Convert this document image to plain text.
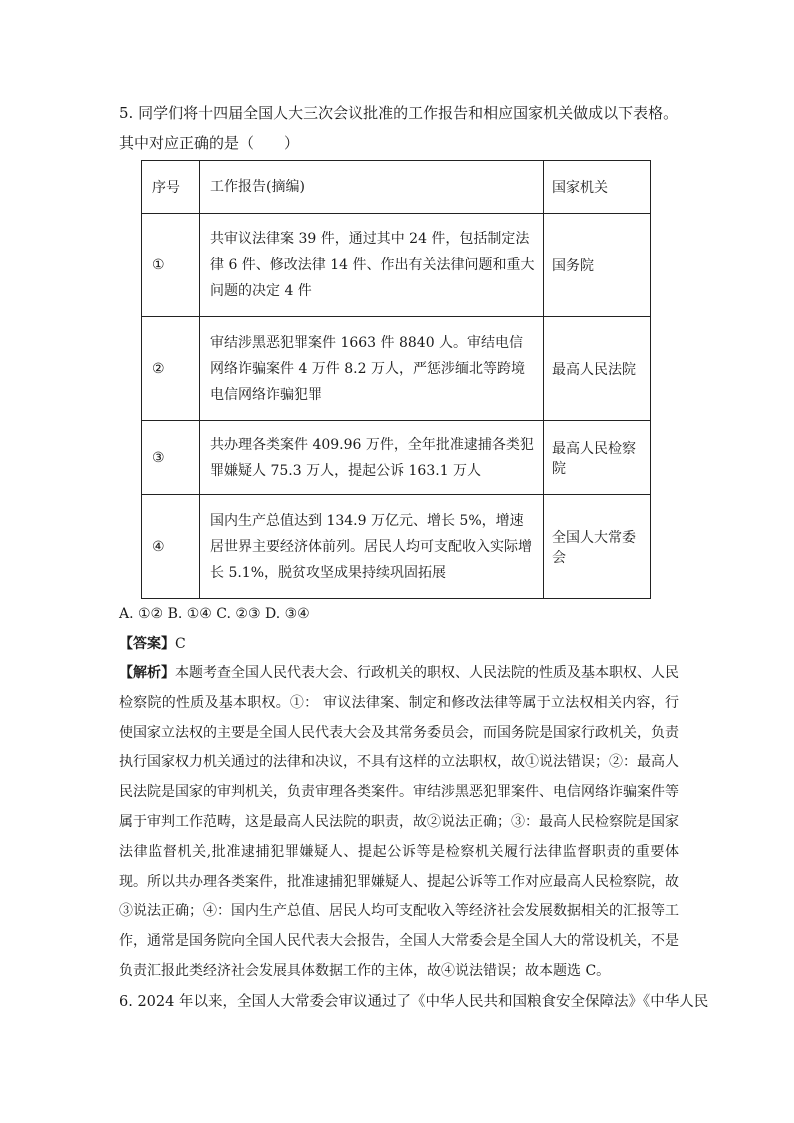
5. 同学们将十四届全国人大三次会议批准的工作报告和相应国家机关做成以下表格。其中对应正确的是（　　）

序号	工作报告(摘编)	国家机关
①	共审议法律案 39 件，通过其中 24 件，包括制定法律 6 件、修改法律 14 件、作出有关法律问题和重大问题的决定 4 件	国务院
②	审结涉黑恶犯罪案件 1663 件 8840 人。审结电信网络诈骗案件 4 万件 8.2 万人，严惩涉缅北等跨境电信网络诈骗犯罪	最高人民法院
③	共办理各类案件 409.96 万件，全年批准逮捕各类犯罪嫌疑人 75.3 万人，提起公诉 163.1 万人	最高人民检察院
④	国内生产总值达到 134.9 万亿元、增长 5%，增速居世界主要经济体前列。居民人均可支配收入实际增长 5.1%，脱贫攻坚成果持续巩固拓展	全国人大常委会

A. ①② B. ①④ C. ②③ D. ③④

【答案】C

【解析】本题考查全国人民代表大会、行政机关的职权、人民法院的性质及基本职权、人民检察院的性质及基本职权。①： 审议法律案、制定和修改法律等属于立法权相关内容，行使国家立法权的主要是全国人民代表大会及其常务委员会，而国务院是国家行政机关，负责执行国家权力机关通过的法律和决议，不具有这样的立法职权，故①说法错误；②：最高人民法院是国家的审判机关，负责审理各类案件。审结涉黑恶犯罪案件、电信网络诈骗案件等属于审判工作范畴，这是最高人民法院的职责，故②说法正确；③：最高人民检察院是国家法律监督机关,批准逮捕犯罪嫌疑人、提起公诉等是检察机关履行法律监督职责的重要体现。所以共办理各类案件，批准逮捕犯罪嫌疑人、提起公诉等工作对应最高人民检察院，故③说法正确；④：国内生产总值、居民人均可支配收入等经济社会发展数据相关的汇报等工作，通常是国务院向全国人民代表大会报告，全国人大常委会是全国人大的常设机关，不是负责汇报此类经济社会发展具体数据工作的主体，故④说法错误；故本题选 C。

6. 2024 年以来，全国人大常委会审议通过了《中华人民共和国粮食安全保障法》《中华人民
